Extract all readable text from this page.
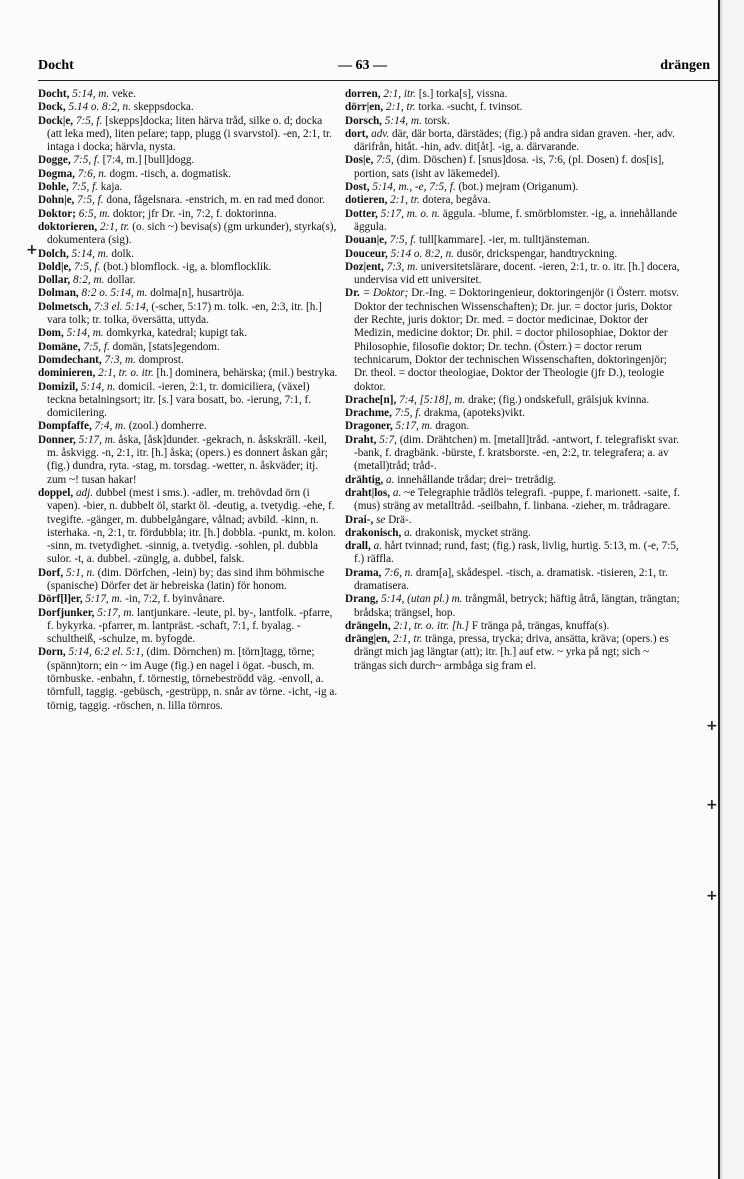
Docht	— 63 —	drängen

Docht, 5:14, m. veke.

Dock, 5.14 o. 8:2, n. skeppsdocka.

Dock|e, 7:5, f. [skepps]docka; liten härva tråd, silke o. d; docka (att leka med), liten pelare; tapp, plugg (i svarvstol). -en, 2:1, tr. intaga i docka; härvla, nysta.

Dogge, 7:5, f. [7:4, m.] [bull]dogg.

Dogma, 7:6, n. dogm. -tisch, a. dogmatisk.

Dohle, 7:5, f. kaja.

Dohn|e, 7:5, f. dona, fågelsnara. -enstrich, m. en rad med donor.

Doktor; 6:5, m. doktor; jfr Dr. -in, 7:2, f. doktorinna.

doktorieren, 2:1, tr. (o. sich ~) bevisa(s) (gm urkunder), styrka(s), dokumentera (sig).

Dolch, 5:14, m. dolk.

Dold|e, 7:5, f. (bot.) blomflock. -ig, a. blomflocklik.

Dollar, 8:2, m. dollar.

Dolman, 8:2 o. 5:14, m. dolma[n], husartröja.

Dolmetsch, 7:3 el. 5:14, (-scher, 5:17) m. tolk. -en, 2:3, itr. [h.] vara tolk; tr. tolka, översätta, uttyda.

Dom, 5:14, m. domkyrka, katedral; kupigt tak.

Domäne, 7:5, f. domän, [stats]egendom.

Domdechant, 7:3, m. domprost.

dominieren, 2:1, tr. o. itr. [h.] dominera, behärska; (mil.) bestryka.

Domizil, 5:14, n. domicil. -ieren, 2:1, tr. domiciliera, (växel) teckna betalningsort; itr. [s.] vara bosatt, bo. -ierung, 7:1, f. domicilering.

Dompfaffe, 7:4, m. (zool.) domherre.

Donner, 5:17, m. åska, [åsk]dunder. -gekrach, n. åskskräll. -keil, m. åskvigg. -n, 2:1, itr. [h.] åska; (opers.) es donnert åskan går; (fig.) dundra, ryta. -stag, m. torsdag. -wetter, n. åskväder; itj. zum ~! tusan hakar!

doppel, adj. dubbel (mest i sms.). -adler, m. trehövdad örn (i vapen). -bier, n. dubbelt öl, starkt öl. -deutig, a. tvetydig. -ehe, f. tvegifte. -gänger, m. dubbelgångare, vålnad; avbild. -kinn, n. isterhaka. -n, 2:1, tr. fördubbla; itr. [h.] dobbla. -punkt, m. kolon. -sinn, m. tvetydighet. -sinnig, a. tvetydig. -sohlen, pl. dubbla sulor. -t, a. dubbel. -zünglg, a. dubbel, falsk.

Dorf, 5:1, n. (dim. Dörfchen, -lein) by; das sind ihm böhmische (spanische) Dörfer det är hebreiska (latin) för honom.

Dörf[l]er, 5:17, m. -in, 7:2, f. byinvånare.

Dorfjunker, 5:17, m. lantjunkare. -leute, pl. by-, lantfolk. -pfarre, f. bykyrka. -pfarrer, m. lantpräst. -schaft, 7:1, f. byalag. -schultheiß, -schulze, m. byfogde.

Dorn, 5:14, 6:2 el. 5:1, (dim. Dörnchen) m. [törn]tagg, törne; (spänn)torn; ein ~ im Auge (fig.) en nagel i ögat. -busch, m. törnbuske. -enbahn, f. törnestig, törnebeströdd väg. -envoll, a. törnfull, taggig. -gebüsch, -gestrüpp, n. snår av törne. -icht, -ig a. törnig, taggig. -röschen, n. lilla törnros.

dorren, 2:1, itr. [s.] torka[s], vissna.

dörr|en, 2:1, tr. torka. -sucht, f. tvinsot.

Dorsch, 5:14, m. torsk.

dort, adv. där, där borta, därstädes; (fig.) på andra sidan graven. -her, adv. därifrån, hitåt. -hin, adv. dit[åt]. -ig, a. därvarande.

Dos|e, 7:5, (dim. Döschen) f. [snus]dosa. -is, 7:6, (pl. Dosen) f. dos[is], portion, sats (isht av läkemedel).

Dost, 5:14, m., -e, 7:5, f. (bot.) mejram (Origanum).

dotieren, 2:1, tr. dotera, begåva.

Dotter, 5:17, m. o. n. äggula. -blume, f. smörblomster. -ig, a. innehållande äggula.

Douan|e, 7:5, f. tull[kammare]. -ier, m. tulltjänsteman.

Douceur, 5:14 o. 8:2, n. dusör, drickspengar, handtryckning.

Doz|ent, 7:3, m. universitetslärare, docent. -ieren, 2:1, tr. o. itr. [h.] docera, undervisa vid ett universitet.

Dr. = Doktor; Dr.-Ing. = Doktoringenieur, doktoringenjör (i Österr. motsv. Doktor der technischen Wissenschaften); Dr. jur. = doctor juris, Doktor der Rechte, juris doktor; Dr. med. = doctor medicinae, Doktor der Medizin, medicine doktor; Dr. phil. = doctor philosophiae, Doktor der Philosophie, filosofie doktor; Dr. techn. (Österr.) = doctor rerum technicarum, Doktor der technischen Wissenschaften, doktoringenjör; Dr. theol. = doctor theologiae, Doktor der Theologie (jfr D.), teologie doktor.

Drache[n], 7:4, [5:18], m. drake; (fig.) ondskefull, grälsjuk kvinna.

Drachme, 7:5, f. drakma, (apoteks)vikt.

Dragoner, 5:17, m. dragon.

Draht, 5:7, (dim. Drähtchen) m. [metall]tråd. -antwort, f. telegrafiskt svar. -bank, f. dragbänk. -bürste, f. kratsborste. -en, 2:2, tr. telegrafera; a. av (metall)tråd; tråd-.

drähtig, a. innehållande trådar; drei~ tretrådig.

draht|los, a. ~e Telegraphie trådlös telegrafi. -puppe, f. marionett. -saite, f. (mus) sträng av metalltråd. -seilbahn, f. linbana. -zieher, m. trådragare.

Drai-, se Drä-.

drakonisch, a. drakonisk, mycket sträng.

drall, a. hårt tvinnad; rund, fast; (fig.) rask, livlig, hurtig. 5:13, m. (-e, 7:5, f.) räffla.

Drama, 7:6, n. dram[a], skådespel. -tisch, a. dramatisk. -tisieren, 2:1, tr. dramatisera.

Drang, 5:14, (utan pl.) m. trångmål, betryck; häftig åtrå, längtan, trängtan; brådska; trängsel, hop.

drängeln, 2:1, tr. o. itr. [h.] F tränga på, trängas, knuffa(s).

dräng|en, 2:1, tr. tränga, pressa, trycka; driva, ansätta, kräva; (opers.) es drängt mich jag längtar (att); itr. [h.] auf etw. ~ yrka på ngt; sich ~ trängas sich durch~ armbåga sig fram el.

+
+
+
+
